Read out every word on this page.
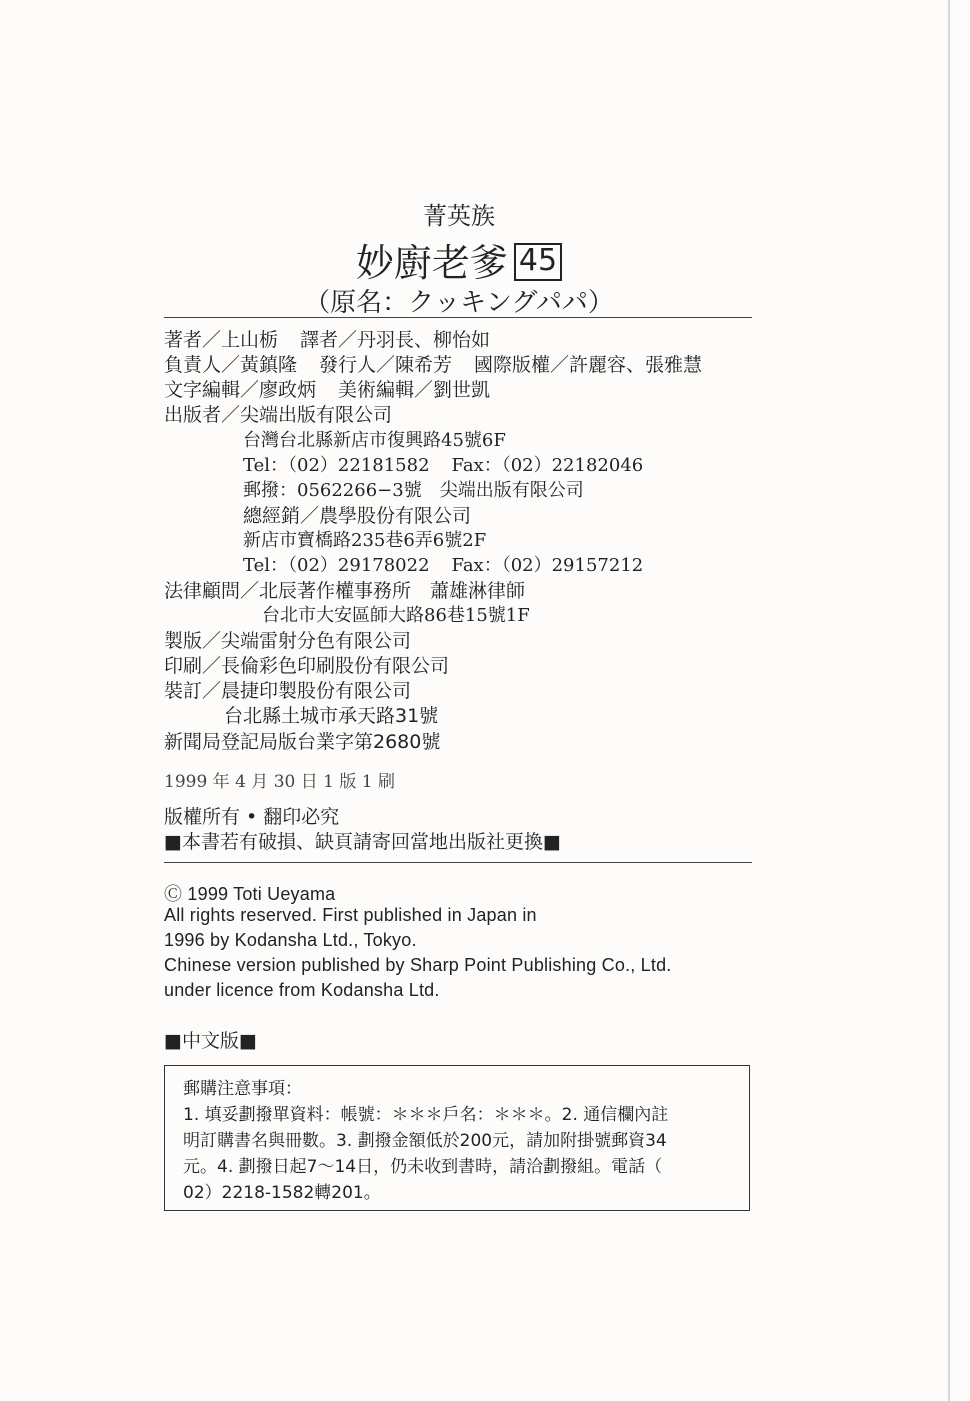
菁英族
妙廚老爹 45
（原名：クッキングパパ）
著者／上山栃 譯者／丹羽長、柳怡如
負責人／黃鎮隆 發行人／陳希芳 國際版權／許麗容、張雅慧
文字編輯／廖政炳 美術編輯／劉世凱
出版者／尖端出版有限公司
台灣台北縣新店市復興路45號6F
Tel：（02）22181582 Fax：（02）22182046
郵撥：0562266−3號　尖端出版有限公司
總經銷／農學股份有限公司
新店市寶橋路235巷6弄6號2F
Tel：（02）29178022 Fax：（02）29157212
法律顧問／北辰著作權事務所　蕭雄淋律師
台北市大安區師大路86巷15號1F
製版／尖端雷射分色有限公司
印刷／長倫彩色印刷股份有限公司
裝訂／晨捷印製股份有限公司
台北縣土城市承天路31號
新聞局登記局版台業字第2680號
1999 年 4 月 30 日 1 版 1 刷
版權所有 • 翻印必究
■本書若有破損、缺頁請寄回當地出版社更換■
Ⓒ 1999 Toti Ueyama
All rights reserved. First published in Japan in
1996 by Kodansha Ltd., Tokyo.
Chinese version published by Sharp Point Publishing Co., Ltd.
under licence from Kodansha Ltd.
■中文版■
郵購注意事項：
1. 填妥劃撥單資料：帳號：＊＊＊戶名：＊＊＊。2. 通信欄內註
明訂購書名與冊數。3. 劃撥金額低於200元，請加附掛號郵資34
元。4. 劃撥日起7～14日，仍未收到書時，請洽劃撥組。電話（
02）2218-1582轉201。
